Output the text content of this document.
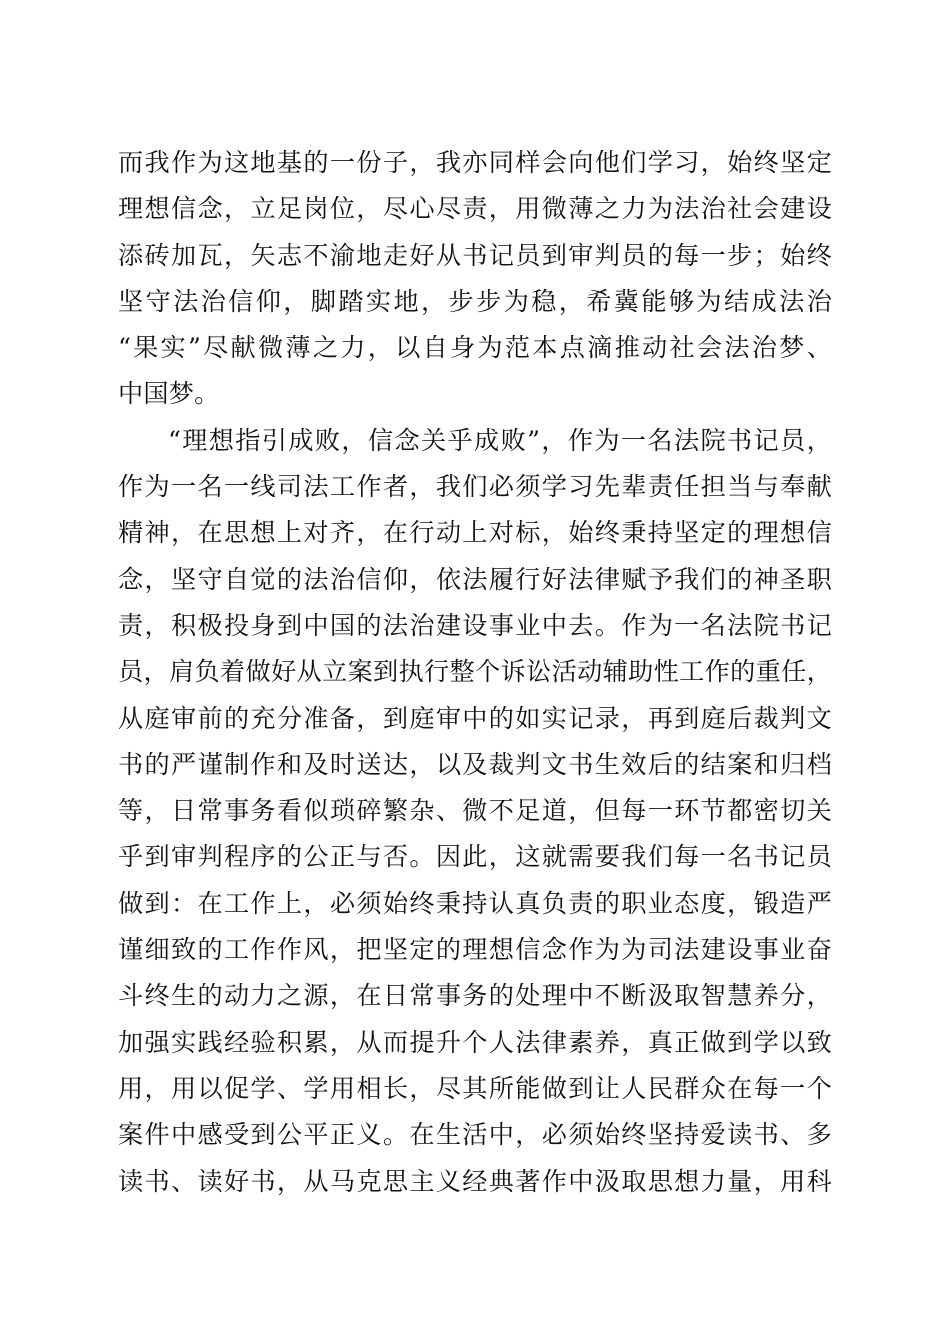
而我作为这地基的一份子，我亦同样会向他们学习，始终坚定
理想信念，立足岗位，尽心尽责，用微薄之力为法治社会建设
添砖加瓦，矢志不渝地走好从书记员到审判员的每一步；始终
坚守法治信仰，脚踏实地，步步为稳，希冀能够为结成法治
“果实”尽献微薄之力，以自身为范本点滴推动社会法治梦、
中国梦。
“理想指引成败，信念关乎成败”，作为一名法院书记员，
作为一名一线司法工作者，我们必须学习先辈责任担当与奉献
精神，在思想上对齐，在行动上对标，始终秉持坚定的理想信
念，坚守自觉的法治信仰，依法履行好法律赋予我们的神圣职
责，积极投身到中国的法治建设事业中去。作为一名法院书记
员，肩负着做好从立案到执行整个诉讼活动辅助性工作的重任，
从庭审前的充分准备，到庭审中的如实记录，再到庭后裁判文
书的严谨制作和及时送达，以及裁判文书生效后的结案和归档
等，日常事务看似琐碎繁杂、微不足道，但每一环节都密切关
乎到审判程序的公正与否。因此，这就需要我们每一名书记员
做到：在工作上，必须始终秉持认真负责的职业态度，锻造严
谨细致的工作作风，把坚定的理想信念作为为司法建设事业奋
斗终生的动力之源，在日常事务的处理中不断汲取智慧养分，
加强实践经验积累，从而提升个人法律素养，真正做到学以致
用，用以促学、学用相长，尽其所能做到让人民群众在每一个
案件中感受到公平正义。在生活中，必须始终坚持爱读书、多
读书、读好书，从马克思主义经典著作中汲取思想力量，用科
